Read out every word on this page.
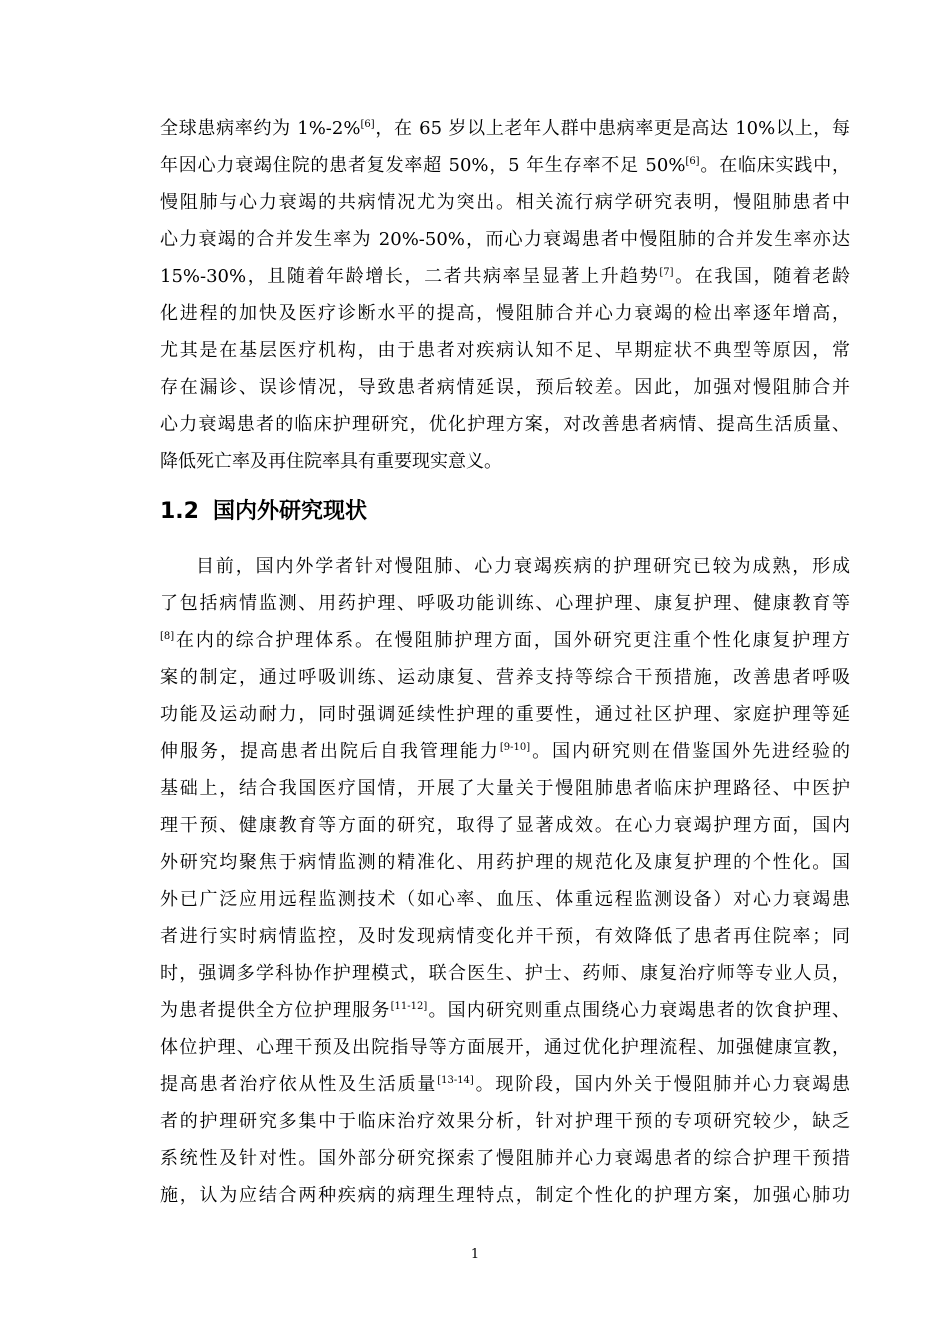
全球患病率约为 1%-2%[6]，在 65 岁以上老年人群中患病率更是高达 10%以上，每
年因心力衰竭住院的患者复发率超 50%，5 年生存率不足 50%[6]。在临床实践中，
慢阻肺与心力衰竭的共病情况尤为突出。相关流行病学研究表明，慢阻肺患者中
心力衰竭的合并发生率为 20%-50%，而心力衰竭患者中慢阻肺的合并发生率亦达
15%-30%，且随着年龄增长，二者共病率呈显著上升趋势[7]。在我国，随着老龄
化进程的加快及医疗诊断水平的提高，慢阻肺合并心力衰竭的检出率逐年增高，
尤其是在基层医疗机构，由于患者对疾病认知不足、早期症状不典型等原因，常
存在漏诊、误诊情况，导致患者病情延误，预后较差。因此，加强对慢阻肺合并
心力衰竭患者的临床护理研究，优化护理方案，对改善患者病情、提高生活质量、
降低死亡率及再住院率具有重要现实意义。
1.2 国内外研究现状
目前，国内外学者针对慢阻肺、心力衰竭疾病的护理研究已较为成熟，形成
了包括病情监测、用药护理、呼吸功能训练、心理护理、康复护理、健康教育等
[8]在内的综合护理体系。在慢阻肺护理方面，国外研究更注重个性化康复护理方
案的制定，通过呼吸训练、运动康复、营养支持等综合干预措施，改善患者呼吸
功能及运动耐力，同时强调延续性护理的重要性，通过社区护理、家庭护理等延
伸服务，提高患者出院后自我管理能力[9-10]。国内研究则在借鉴国外先进经验的
基础上，结合我国医疗国情，开展了大量关于慢阻肺患者临床护理路径、中医护
理干预、健康教育等方面的研究，取得了显著成效。在心力衰竭护理方面，国内
外研究均聚焦于病情监测的精准化、用药护理的规范化及康复护理的个性化。国
外已广泛应用远程监测技术（如心率、血压、体重远程监测设备）对心力衰竭患
者进行实时病情监控，及时发现病情变化并干预，有效降低了患者再住院率；同
时，强调多学科协作护理模式，联合医生、护士、药师、康复治疗师等专业人员，
为患者提供全方位护理服务[11-12]。国内研究则重点围绕心力衰竭患者的饮食护理、
体位护理、心理干预及出院指导等方面展开，通过优化护理流程、加强健康宣教，
提高患者治疗依从性及生活质量[13-14]。现阶段，国内外关于慢阻肺并心力衰竭患
者的护理研究多集中于临床治疗效果分析，针对护理干预的专项研究较少，缺乏
系统性及针对性。国外部分研究探索了慢阻肺并心力衰竭患者的综合护理干预措
施，认为应结合两种疾病的病理生理特点，制定个性化的护理方案，加强心肺功
1
